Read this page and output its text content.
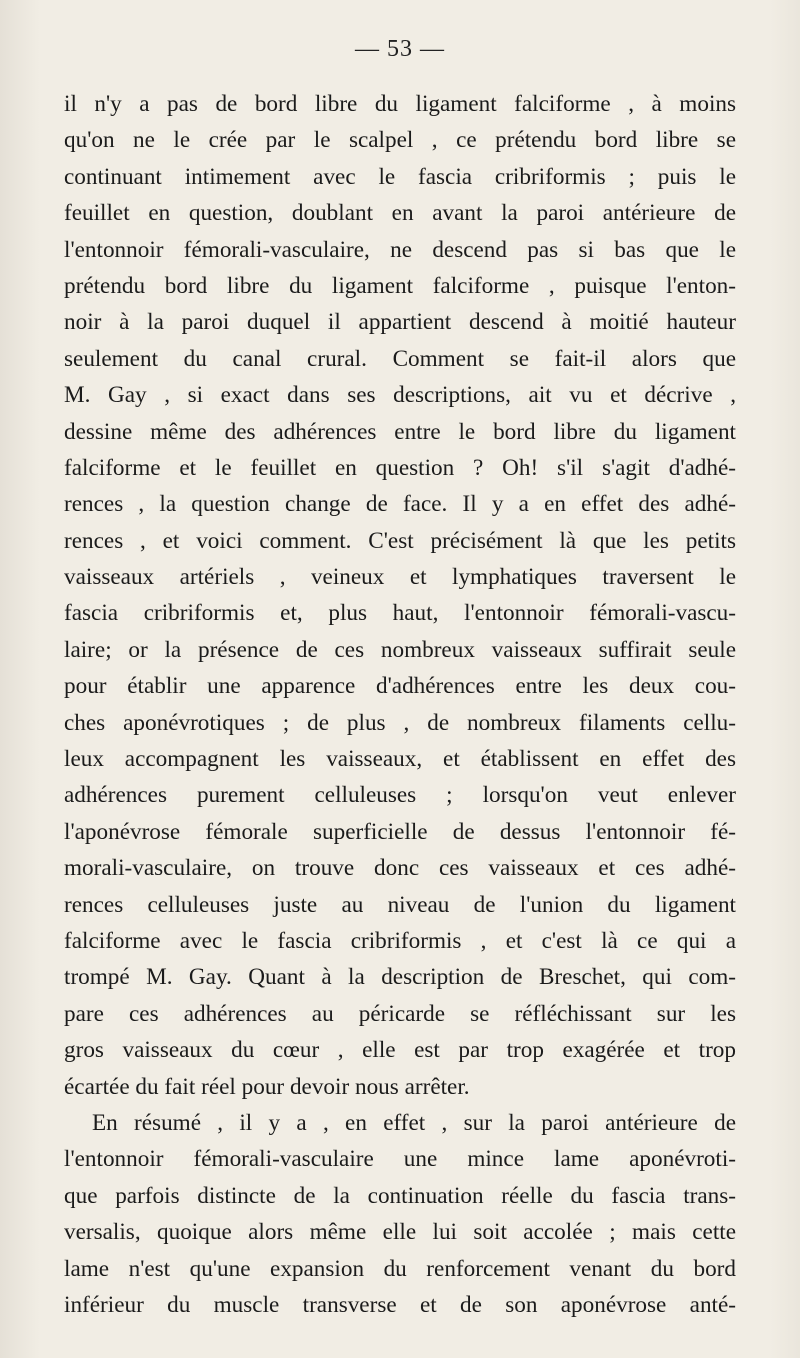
— 53 —
il n'y a pas de bord libre du ligament falciforme , à moins
qu'on ne le crée par le scalpel , ce prétendu bord libre se
continuant intimement avec le fascia cribriformis ; puis le
feuillet en question, doublant en avant la paroi antérieure de
l'entonnoir fémorali-vasculaire, ne descend pas si bas que le
prétendu bord libre du ligament falciforme , puisque l'enton-
noir à la paroi duquel il appartient descend à moitié hauteur
seulement du canal crural. Comment se fait-il alors que
M. Gay , si exact dans ses descriptions, ait vu et décrive ,
dessine même des adhérences entre le bord libre du ligament
falciforme et le feuillet en question ? Oh! s'il s'agit d'adhé-
rences , la question change de face. Il y a en effet des adhé-
rences , et voici comment. C'est précisément là que les petits
vaisseaux artériels , veineux et lymphatiques traversent le
fascia cribriformis et, plus haut, l'entonnoir fémorali-vascu-
laire; or la présence de ces nombreux vaisseaux suffirait seule
pour établir une apparence d'adhérences entre les deux cou-
ches aponévrotiques ; de plus , de nombreux filaments cellu-
leux accompagnent les vaisseaux, et établissent en effet des
adhérences purement celluleuses ; lorsqu'on veut enlever
l'aponévrose fémorale superficielle de dessus l'entonnoir fé-
morali-vasculaire, on trouve donc ces vaisseaux et ces adhé-
rences celluleuses juste au niveau de l'union du ligament
falciforme avec le fascia cribriformis , et c'est là ce qui a
trompé M. Gay. Quant à la description de Breschet, qui com-
pare ces adhérences au péricarde se réfléchissant sur les
gros vaisseaux du cœur , elle est par trop exagérée et trop
écartée du fait réel pour devoir nous arrêter.
En résumé , il y a , en effet , sur la paroi antérieure de
l'entonnoir fémorali-vasculaire une mince lame aponévroti-
que parfois distincte de la continuation réelle du fascia trans-
versalis, quoique alors même elle lui soit accolée ; mais cette
lame n'est qu'une expansion du renforcement venant du bord
inférieur du muscle transverse et de son aponévrose anté-
